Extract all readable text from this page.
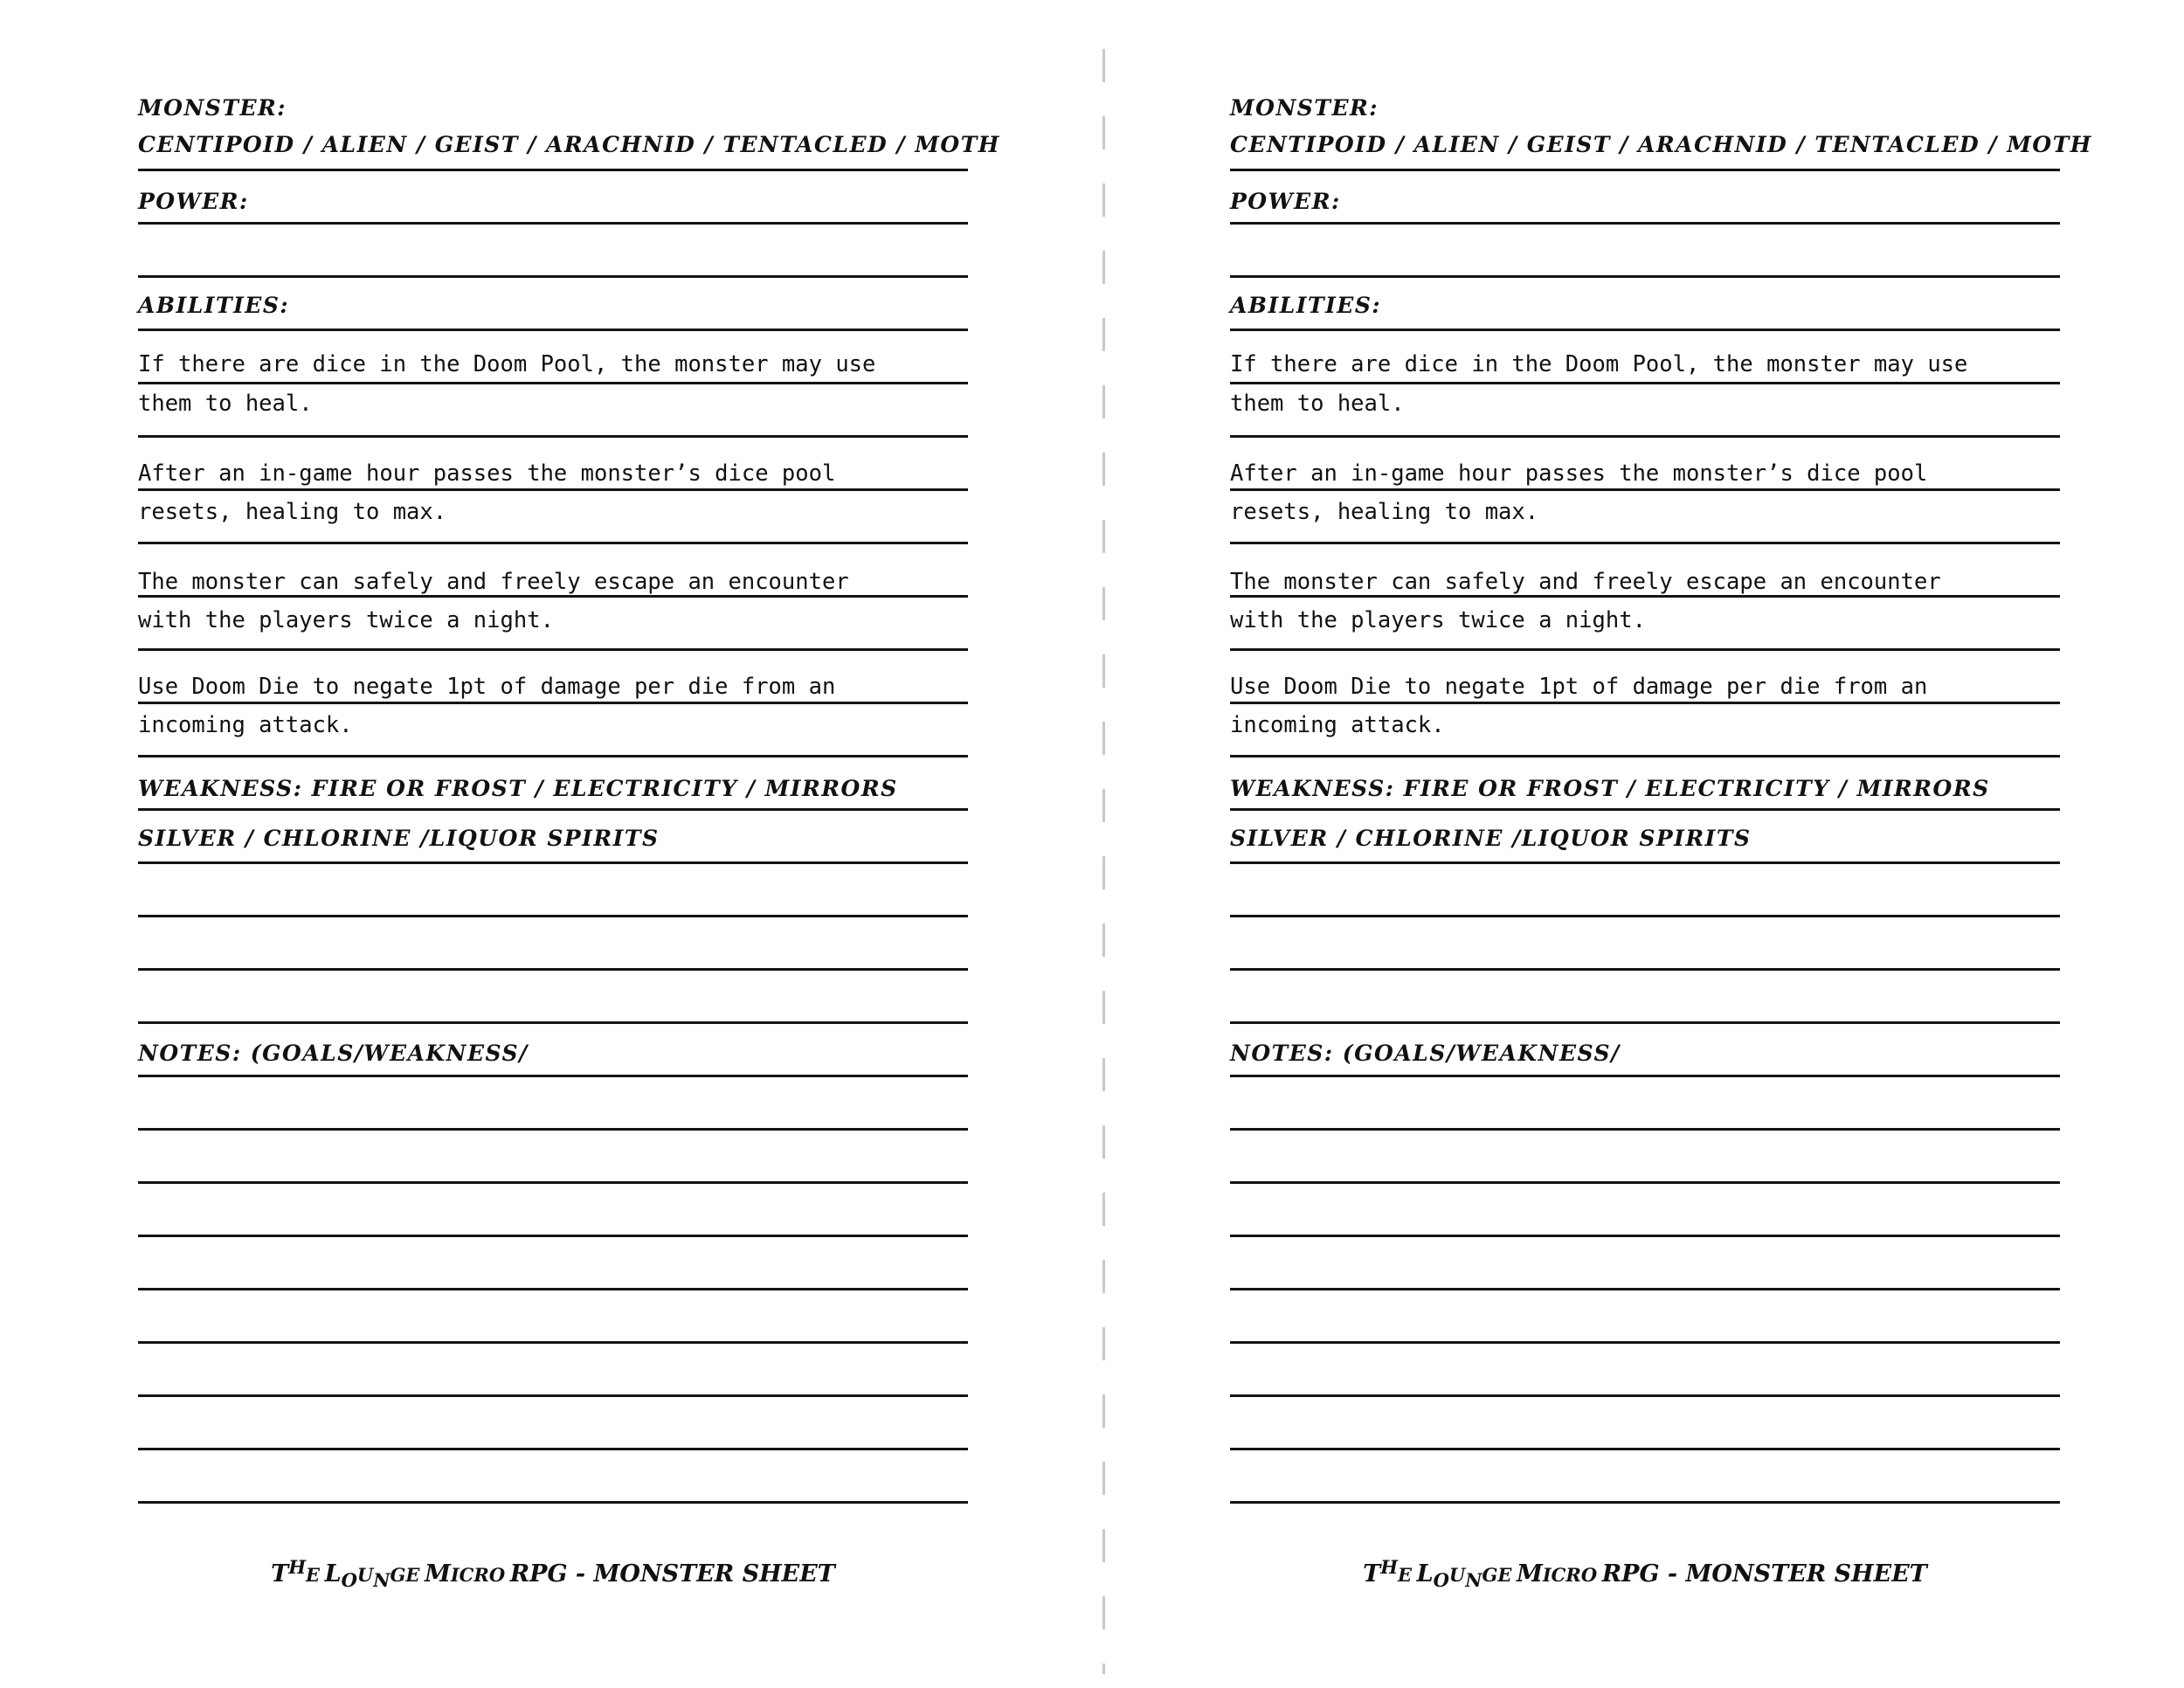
MONSTER:
CENTIPOID / ALIEN / GEIST / ARACHNID / TENTACLED / MOTH
POWER:
ABILITIES:
If there are dice in the Doom Pool, the monster may use
them to heal.
After an in-game hour passes the monster’s dice pool
resets, healing to max.
The monster can safely and freely escape an encounter
with the players twice a night.
Use Doom Die to negate 1pt of damage per die from an
incoming attack.
WEAKNESS: FIRE OR FROST / ELECTRICITY / MIRRORS
SILVER / CHLORINE /LIQUOR SPIRITS
NOTES: (GOALS/WEAKNESS/
THE LOUNGE MICRO RPG - MONSTER SHEET
MONSTER:
CENTIPOID / ALIEN / GEIST / ARACHNID / TENTACLED / MOTH
POWER:
ABILITIES:
If there are dice in the Doom Pool, the monster may use
them to heal.
After an in-game hour passes the monster’s dice pool
resets, healing to max.
The monster can safely and freely escape an encounter
with the players twice a night.
Use Doom Die to negate 1pt of damage per die from an
incoming attack.
WEAKNESS: FIRE OR FROST / ELECTRICITY / MIRRORS
SILVER / CHLORINE /LIQUOR SPIRITS
NOTES: (GOALS/WEAKNESS/
THE LOUNGE MICRO RPG - MONSTER SHEET
